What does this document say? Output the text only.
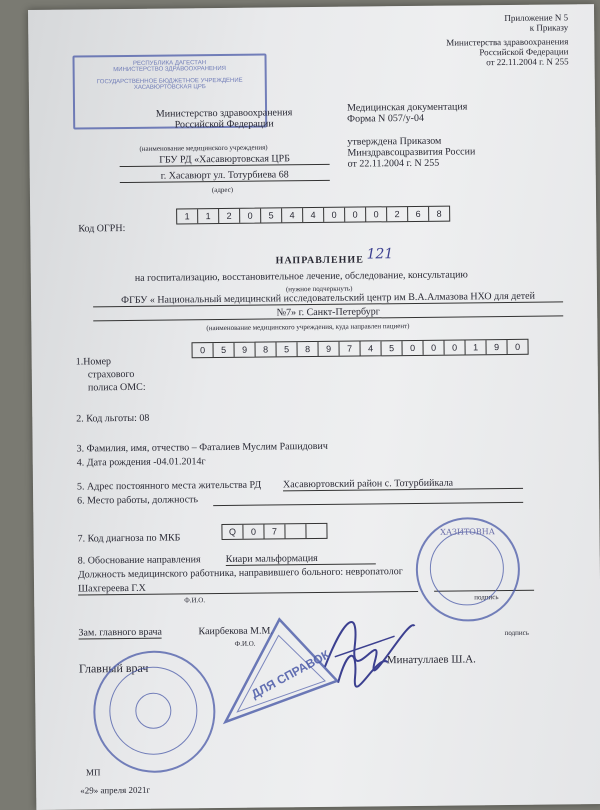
Приложение N 5
к Приказу
Министерства здравоохранения
Российской Федерации
от 22.11.2004 г. N 255
РЕСПУБЛИКА ДАГЕСТАН
МИНИСТЕРСТВО ЗДРАВООХРАНЕНИЯ
ГОСУДАРСТВЕННОЕ БЮДЖЕТНОЕ УЧРЕЖДЕНИЕ
ХАСАВЮРТОВСКАЯ ЦРБ
Министерство здравоохранения
Российской Федерации
(наименование медицинского учреждения)
ГБУ РД «Хасавюртовская ЦРБ
г. Хасавюрт ул. Тотурбиева 68
(адрес)
Медицинская документация
Форма N 057/у-04
утверждена Приказом
Минздравсоцразвития России
от 22.11.2004 г. N 255
Код ОГРН:
1	1	2	0	5	4	4	0	0	0	2	6	8
НАПРАВЛЕНИЕ 121
на госпитализацию, восстановительное лечение, обследование, консультацию
(нужное подчеркнуть)
ФГБУ « Национальный медицинский исследовательский центр им В.А.Алмазова НХО для детей
№7» г. Санкт-Петербург
(наименование медицинского учреждения, куда направлен пациент)
1.Номер
страхового
полиса ОМС:
0	5	9	8	5	8	9	7	4	5	0	0	0	1	9	0
2. Код льготы: 08
3. Фамилия, имя, отчество – Фаталиев Муслим Рашидович
4. Дата рождения -04.01.2014г
5. Адрес постоянного места жительства РД Хасавюртовский район с. Тотурбийкала
6. Место работы, должность
7. Код диагноза по МКБ
Q	0	7
8. Обоснование направления	Киари мальформация
Должность медицинского работника, направившего больного: невропатолог
Шахгереева Г.Х
Ф.И.О.	подпись
Зам. главного врача	Каирбекова М.М.
Ф.И.О.
подпись
Главный врач
Минатуллаев Ш.А.
МП
«29» апреля 2021г
ДЛЯ СПРАВОК
ХАЗИТОВНА
